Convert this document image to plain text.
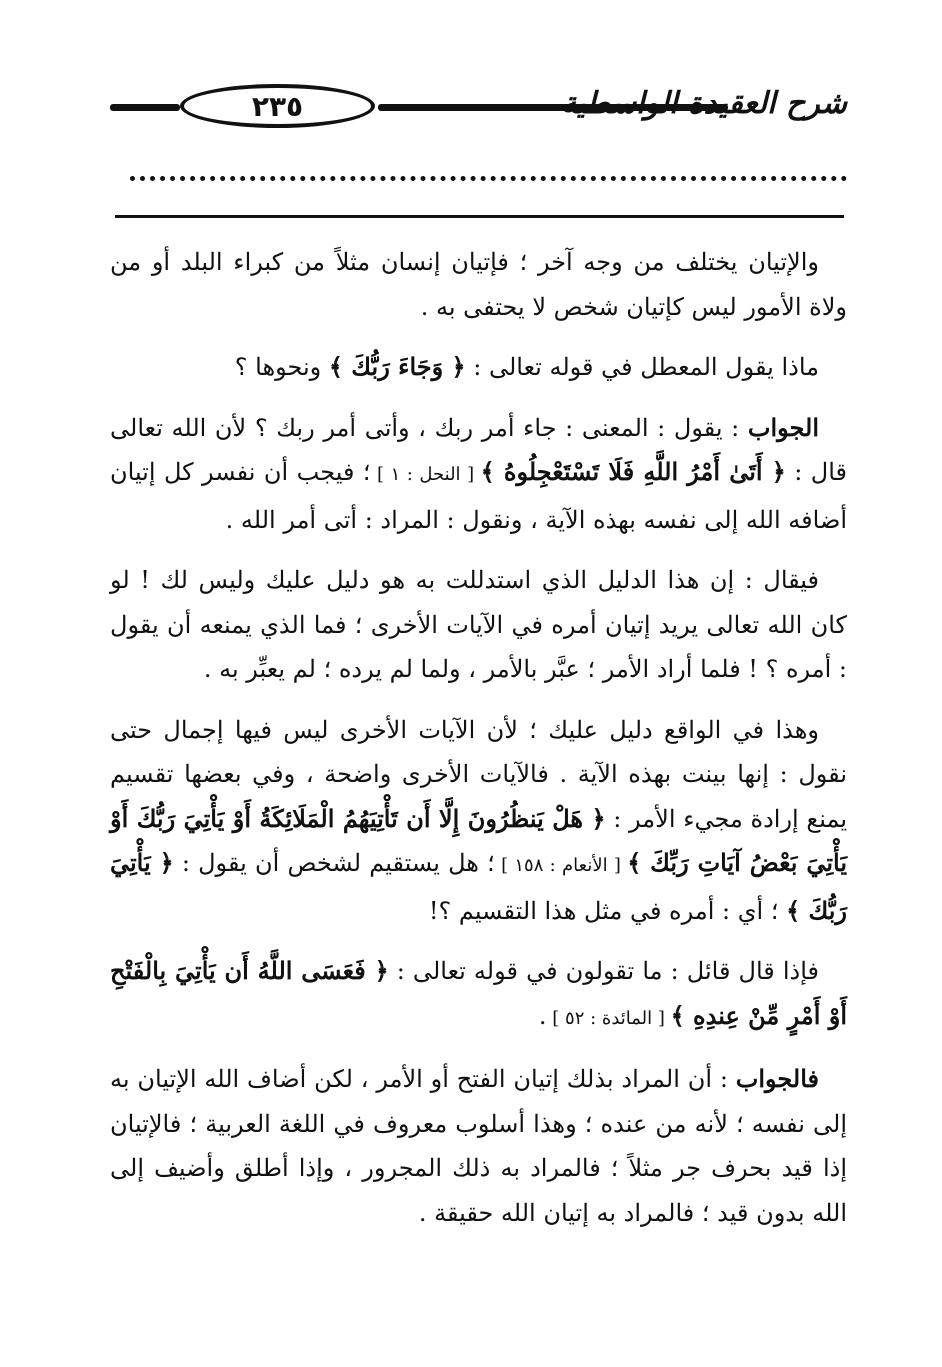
٢٣٥	شرح العقيدة الواسطية

والإتيان يختلف من وجه آخر ؛ فإتيان إنسان مثلاً من كبراء البلد أو من ولاة الأمور ليس كإتيان شخص لا يحتفى به .

ماذا يقول المعطل في قوله تعالى : ﴿ وَجَاءَ رَبُّكَ ﴾ ونحوها ؟

الجواب : يقول : المعنى : جاء أمر ربك ، وأتى أمر ربك ؟ لأن الله تعالى قال : ﴿ أَتَىٰ أَمْرُ اللَّهِ فَلَا تَسْتَعْجِلُوهُ ﴾ [ النحل : ١ ] ؛ فيجب أن نفسر كل إتيان أضافه الله إلى نفسه بهذه الآية ، ونقول : المراد : أتى أمر الله .

فيقال : إن هذا الدليل الذي استدللت به هو دليل عليك وليس لك ! لو كان الله تعالى يريد إتيان أمره في الآيات الأخرى ؛ فما الذي يمنعه أن يقول : أمره ؟ ! فلما أراد الأمر ؛ عبَّر بالأمر ، ولما لم يرده ؛ لم يعبِّر به .

وهذا في الواقع دليل عليك ؛ لأن الآيات الأخرى ليس فيها إجمال حتى نقول : إنها بينت بهذه الآية . فالآيات الأخرى واضحة ، وفي بعضها تقسيم يمنع إرادة مجيء الأمر : ﴿ هَلْ يَنظُرُونَ إِلَّا أَن تَأْتِيَهُمُ الْمَلَائِكَةُ أَوْ يَأْتِيَ رَبُّكَ أَوْ يَأْتِيَ بَعْضُ آيَاتِ رَبِّكَ ﴾ [ الأنعام : ١٥٨ ] ؛ هل يستقيم لشخص أن يقول : ﴿ يَأْتِيَ رَبُّكَ ﴾ ؛ أي : أمره في مثل هذا التقسيم ؟!

فإذا قال قائل : ما تقولون في قوله تعالى : ﴿ فَعَسَى اللَّهُ أَن يَأْتِيَ بِالْفَتْحِ أَوْ أَمْرٍ مِّنْ عِندِهِ ﴾ [ المائدة : ٥٢ ] .

فالجواب : أن المراد بذلك إتيان الفتح أو الأمر ، لكن أضاف الله الإتيان به إلى نفسه ؛ لأنه من عنده ؛ وهذا أسلوب معروف في اللغة العربية ؛ فالإتيان إذا قيد بحرف جر مثلاً ؛ فالمراد به ذلك المجرور ، وإذا أطلق وأضيف إلى الله بدون قيد ؛ فالمراد به إتيان الله حقيقة .
